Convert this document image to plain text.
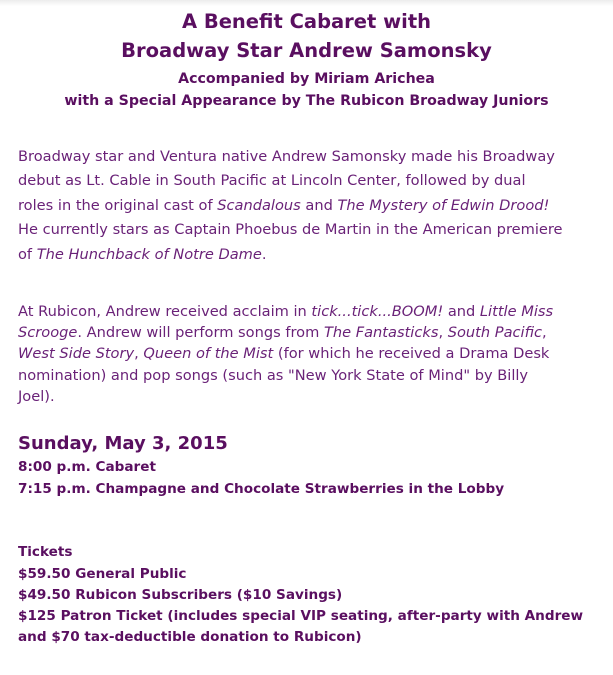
A Benefit Cabaret with
Broadway Star Andrew Samonsky
Accompanied by Miriam Arichea
with a Special Appearance by The Rubicon Broadway Juniors
Broadway star and Ventura native Andrew Samonsky made his Broadway
debut as Lt. Cable in South Pacific at Lincoln Center, followed by dual
roles in the original cast of Scandalous and The Mystery of Edwin Drood!
He currently stars as Captain Phoebus de Martin in the American premiere
of The Hunchback of Notre Dame.
At Rubicon, Andrew received acclaim in tick...tick...BOOM! and Little Miss
Scrooge. Andrew will perform songs from The Fantasticks, South Pacific,
West Side Story, Queen of the Mist (for which he received a Drama Desk
nomination) and pop songs (such as "New York State of Mind" by Billy
Joel).
Sunday, May 3, 2015
8:00 p.m. Cabaret
7:15 p.m. Champagne and Chocolate Strawberries in the Lobby
Tickets
$59.50 General Public
$49.50 Rubicon Subscribers ($10 Savings)
$125 Patron Ticket (includes special VIP seating, after-party with Andrew
and $70 tax-deductible donation to Rubicon)
